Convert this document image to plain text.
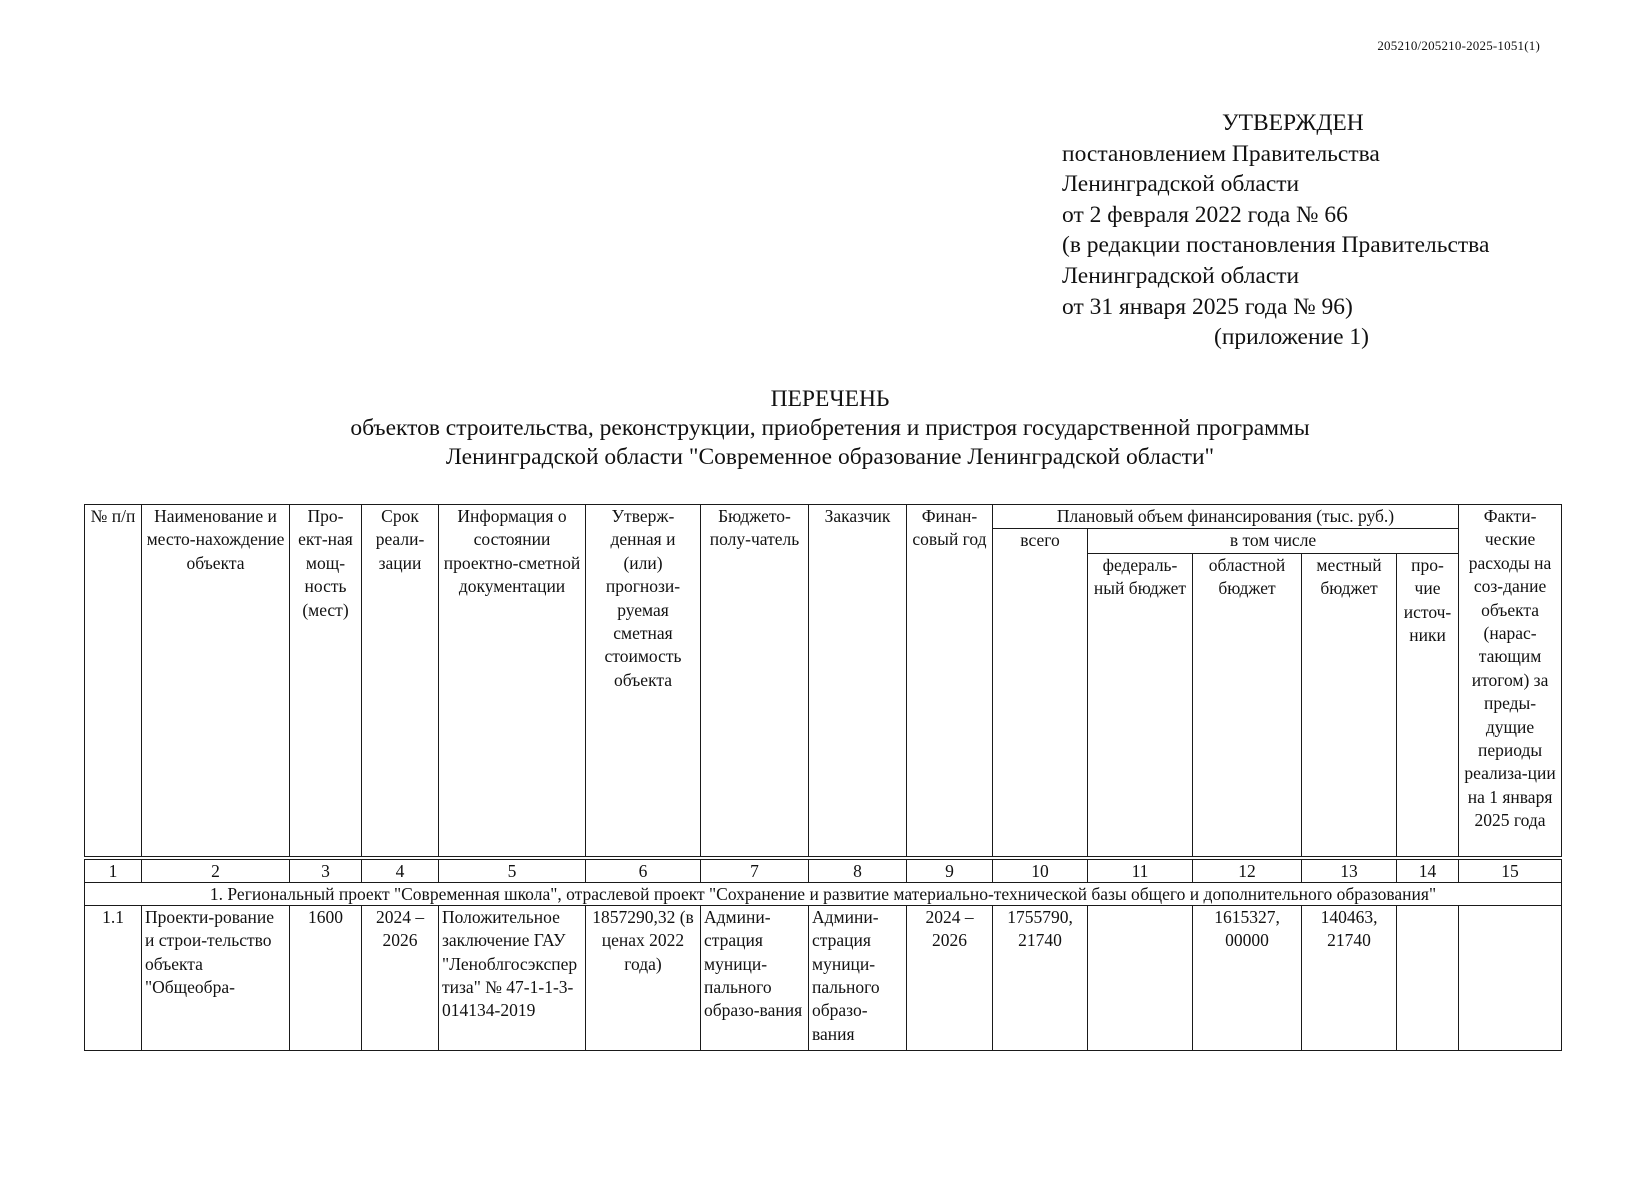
205210/205210-2025-1051(1)
УТВЕРЖДЕН
постановлением Правительства
Ленинградской области
от 2 февраля 2022 года № 66
(в редакции постановления Правительства
Ленинградской области
от 31 января 2025 года № 96)
(приложение 1)
ПЕРЕЧЕНЬ
объектов строительства, реконструкции, приобретения и пристроя государственной программы
Ленинградской области "Современное образование Ленинградской области"
№ п/п	Наименование и место-нахождение объекта	Про-ект-ная мощ-ность (мест)	Срок реали-зации	Информация о состоянии проектно-сметной документации	Утверж-денная и (или) прогнози-руемая сметная стоимость объекта	Бюджето-полу-чатель	Заказчик	Финан-совый год	Плановый объем финансирования (тыс. руб.)					Факти-ческие расходы на соз-дание объекта (нарас-тающим итогом) за преды-дущие периоды реализа-ции на 1 января 2025 года
									всего	в том числе				
										федераль-ный бюджет	областной бюджет	местный бюджет	про-чие источ-ники	
1	2	3	4	5	6	7	8	9	10	11	12	13	14	15
1. Региональный проект "Современная школа", отраслевой проект "Сохранение и развитие материально-технической базы общего и дополнительного образования"														
1.1	Проекти-рование и строи-тельство объекта "Общеобра-	1600	2024 – 2026	Положительное заключение ГАУ "Леноблгосэкспертиза" № 47-1-1-3-014134-2019	1857290,32 (в ценах 2022 года)	Админи-страция муници-пального образо-вания	Админи-страция муници-пального образо-вания	2024 – 2026	1755790, 21740		1615327, 00000	140463, 21740		
